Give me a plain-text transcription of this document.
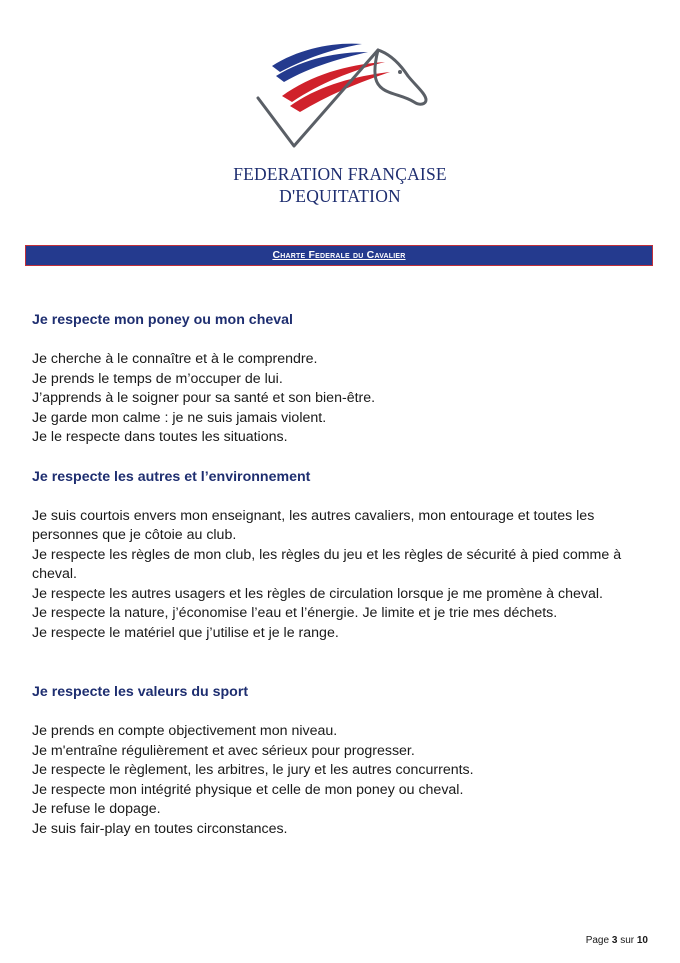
FEDERATION FRANÇAISE
D'EQUITATION
Charte Federale du Cavalier

Je respecte mon poney ou mon cheval

Je cherche à le connaître et à le comprendre.

Je prends le temps de m’occuper de lui.

J’apprends à le soigner pour sa santé et son bien-être.

Je garde mon calme : je ne suis jamais violent.

Je le respecte dans toutes les situations.

Je respecte les autres et l’environnement

Je suis courtois envers mon enseignant, les autres cavaliers, mon entourage et toutes les personnes que je côtoie au club.

Je respecte les règles de mon club, les règles du jeu et les règles de sécurité à pied comme à cheval.

Je respecte les autres usagers et les règles de circulation lorsque je me promène à cheval.

Je respecte la nature, j’économise l’eau et l’énergie. Je limite et je trie mes déchets.

Je respecte le matériel que j’utilise et je le range.

Je respecte les valeurs du sport

Je prends en compte objectivement mon niveau.

Je m'entraîne régulièrement et avec sérieux pour progresser.

Je respecte le règlement, les arbitres, le jury et les autres concurrents.

Je respecte mon intégrité physique et celle de mon poney ou cheval.

Je refuse le dopage.

Je suis fair-play en toutes circonstances.

Page 3 sur 10
